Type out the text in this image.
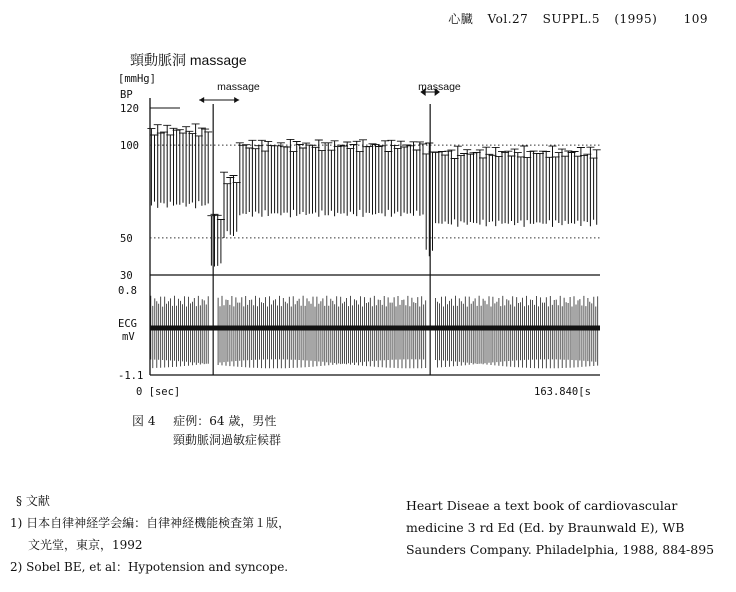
心臓 Vol.27 SUPPL.5 (1995) 109
頸動脈洞 massage
massage	massage
120
100
50
30
[mmHg]
BP
0.8
-1.1
ECG
mV
0 [sec]	163.840[s
図 4 症例：64 歳，男性
頸動脈洞過敏症候群
§ 文献
1) 日本自律神経学会編：自律神経機能検査第１版，
文光堂，東京，1992
2) Sobel BE, et al：Hypotension and syncope.
Heart Diseae a text book of cardiovascular
medicine 3 rd Ed (Ed. by Braunwald E), WB
Saunders Company. Philadelphia, 1988, 884-895
